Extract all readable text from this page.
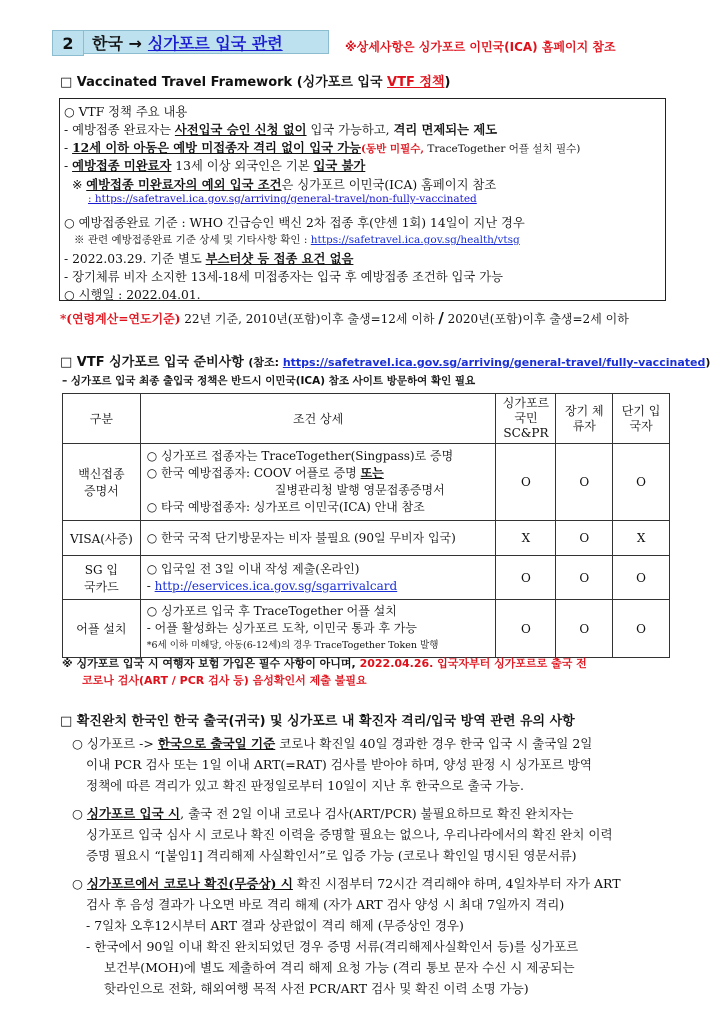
2 한국 → 싱가포르 입국 관련	※상세사항은 싱가포르 이민국(ICA) 홈페이지 참조
□ Vaccinated Travel Framework (싱가포르 입국 VTF 정책)
○ VTF 정책 주요 내용
- 예방접종 완료자는 사전입국 승인 신청 없이 입국 가능하고, 격리 면제되는 제도
- 12세 이하 아동은 예방 미접종자 격리 없이 입국 가능(동반 미필수, TraceTogether 어플 설치 필수)
- 예방접종 미완료자 13세 이상 외국인은 기본 입국 불가
※ 예방접종 미완료자의 예외 입국 조건은 싱가포르 이민국(ICA) 홈페이지 참조
: https://safetravel.ica.gov.sg/arriving/general-travel/non-fully-vaccinated
○ 예방접종완료 기준 : WHO 긴급승인 백신 2차 접종 후(얀센 1회) 14일이 지난 경우
※ 관련 예방접종완료 기준 상세 및 기타사항 확인 : https://safetravel.ica.gov.sg/health/vtsg
- 2022.03.29. 기준 별도 부스터샷 등 접종 요건 없음
- 장기체류 비자 소지한 13세-18세 미접종자는 입국 후 예방접종 조건하 입국 가능
○ 시행일 : 2022.04.01.
*(연령계산=연도기준) 22년 기준, 2010년(포함)이후 출생=12세 이하 / 2020년(포함)이후 출생=2세 이하
□ VTF 싱가포르 입국 준비사항 (참조: https://safetravel.ica.gov.sg/arriving/general-travel/fully-vaccinated)
– 싱가포르 입국 최종 출입국 정책은 반드시 이민국(ICA) 참조 사이트 방문하여 확인 필요
구분	조건 상세	싱가포르 국민 SC&PR	장기 체류자	단기 입국자
백신접종 증명서	○ 싱가포르 접종자는 TraceTogether(Singpass)로 증명
○ 한국 예방접종자: COOV 어플로 증명 또는
질병관리청 발행 영문접종증명서
○ 타국 예방접종자: 싱가포르 이민국(ICA) 안내 참조	O	O	O
VISA(사증)	○ 한국 국적 단기방문자는 비자 불필요 (90일 무비자 입국)	X	O	X
SG 입국카드	○ 입국일 전 3일 이내 작성 제출(온라인)
- http://eservices.ica.gov.sg/sgarrivalcard	O	O	O
어플 설치	○ 싱가포르 입국 후 TraceTogether 어플 설치
- 어플 활성화는 싱가포르 도착, 이민국 통과 후 가능
*6세 이하 미해당, 아동(6-12세)의 경우 TraceTogether Token 발행	O	O	O
※ 싱가포르 입국 시 여행자 보험 가입은 필수 사항이 아니며, 2022.04.26. 입국자부터 싱가포르로 출국 전
코로나 검사(ART / PCR 검사 등) 음성확인서 제출 불필요
□ 확진완치 한국인 한국 출국(귀국) 및 싱가포르 내 확진자 격리/입국 방역 관련 유의 사항
○ 싱가포르 -> 한국으로 출국일 기준 코로나 확진일 40일 경과한 경우 한국 입국 시 출국일 2일
이내 PCR 검사 또는 1일 이내 ART(=RAT) 검사를 받아야 하며, 양성 판정 시 싱가포르 방역
정책에 따른 격리가 있고 확진 판정일로부터 10일이 지난 후 한국으로 출국 가능.
○ 싱가포르 입국 시, 출국 전 2일 이내 코로나 검사(ART/PCR) 불필요하므로 확진 완치자는
싱가포르 입국 심사 시 코로나 확진 이력을 증명할 필요는 없으나, 우리나라에서의 확진 완치 이력
증명 필요시 “[붙임1] 격리해제 사실확인서”로 입증 가능 (코로나 확인일 명시된 영문서류)
○ 싱가포르에서 코로나 확진(무증상) 시 확진 시점부터 72시간 격리해야 하며, 4일차부터 자가 ART
검사 후 음성 결과가 나오면 바로 격리 해제 (자가 ART 검사 양성 시 최대 7일까지 격리)
- 7일차 오후12시부터 ART 결과 상관없이 격리 해제 (무증상인 경우)
- 한국에서 90일 이내 확진 완치되었던 경우 증명 서류(격리해제사실확인서 등)를 싱가포르
보건부(MOH)에 별도 제출하여 격리 해제 요청 가능 (격리 통보 문자 수신 시 제공되는
핫라인으로 전화, 해외여행 목적 사전 PCR/ART 검사 및 확진 이력 소명 가능)
